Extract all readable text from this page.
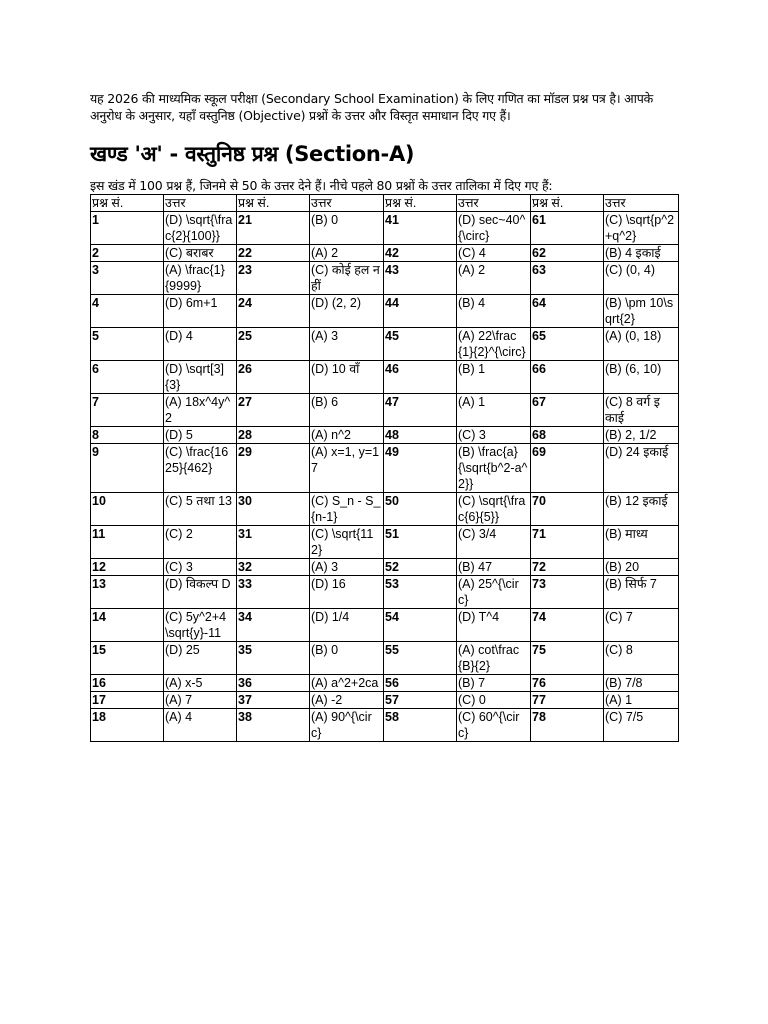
यह 2026 की माध्यमिक स्कूल परीक्षा (Secondary School Examination) के लिए गणित का मॉडल प्रश्न पत्र है। आपके अनुरोध के अनुसार, यहाँ वस्तुनिष्ठ (Objective) प्रश्नों के उत्तर और विस्तृत समाधान दिए गए हैं।

खण्ड 'अ' - वस्तुनिष्ठ प्रश्न (Section-A)

इस खंड में 100 प्रश्न हैं, जिनमे से 50 के उत्तर देने हैं। नीचे पहले 80 प्रश्नों के उत्तर तालिका में दिए गए हैं:

प्रश्न सं.	उत्तर	प्रश्न सं.	उत्तर	प्रश्न सं.	उत्तर	प्रश्न सं.	उत्तर
1	(D) \sqrt{\frac{2}{100}}	21	(B) 0	41	(D) sec~40^{\circ}	61	(C) \sqrt{p^2+q^2}
2	(C) बराबर	22	(A) 2	42	(C) 4	62	(B) 4 इकाई
3	(A) \frac{1}{9999}	23	(C) कोई हल नहीं	43	(A) 2	63	(C) (0, 4)
4	(D) 6m+1	24	(D) (2, 2)	44	(B) 4	64	(B) \pm 10\sqrt{2}
5	(D) 4	25	(A) 3	45	(A) 22\frac{1}{2}^{\circ}	65	(A) (0, 18)
6	(D) \sqrt[3]{3}	26	(D) 10 वाँ	46	(B) 1	66	(B) (6, 10)
7	(A) 18x^4y^2	27	(B) 6	47	(A) 1	67	(C) 8 वर्ग इकाई
8	(D) 5	28	(A) n^2	48	(C) 3	68	(B) 2, 1/2
9	(C) \frac{1625}{462}	29	(A) x=1, y=17	49	(B) \frac{a}{\sqrt{b^2-a^2}}	69	(D) 24 इकाई
10	(C) 5 तथा 13	30	(C) S_n - S_{n-1}	50	(C) \sqrt{\frac{6}{5}}	70	(B) 12 इकाई
11	(C) 2	31	(C) \sqrt{112}	51	(C) 3/4	71	(B) माध्य
12	(C) 3	32	(A) 3	52	(B) 47	72	(B) 20
13	(D) विकल्प D	33	(D) 16	53	(A) 25^{\circ}	73	(B) सिर्फ 7
14	(C) 5y^2+4\sqrt{y}-11	34	(D) 1/4	54	(D) T^4	74	(C) 7
15	(D) 25	35	(B) 0	55	(A) cot\frac{B}{2}	75	(C) 8
16	(A) x-5	36	(A) a^2+2ca	56	(B) 7	76	(B) 7/8
17	(A) 7	37	(A) -2	57	(C) 0	77	(A) 1
18	(A) 4	38	(A) 90^{\circ}	58	(C) 60^{\circ}	78	(C) 7/5
